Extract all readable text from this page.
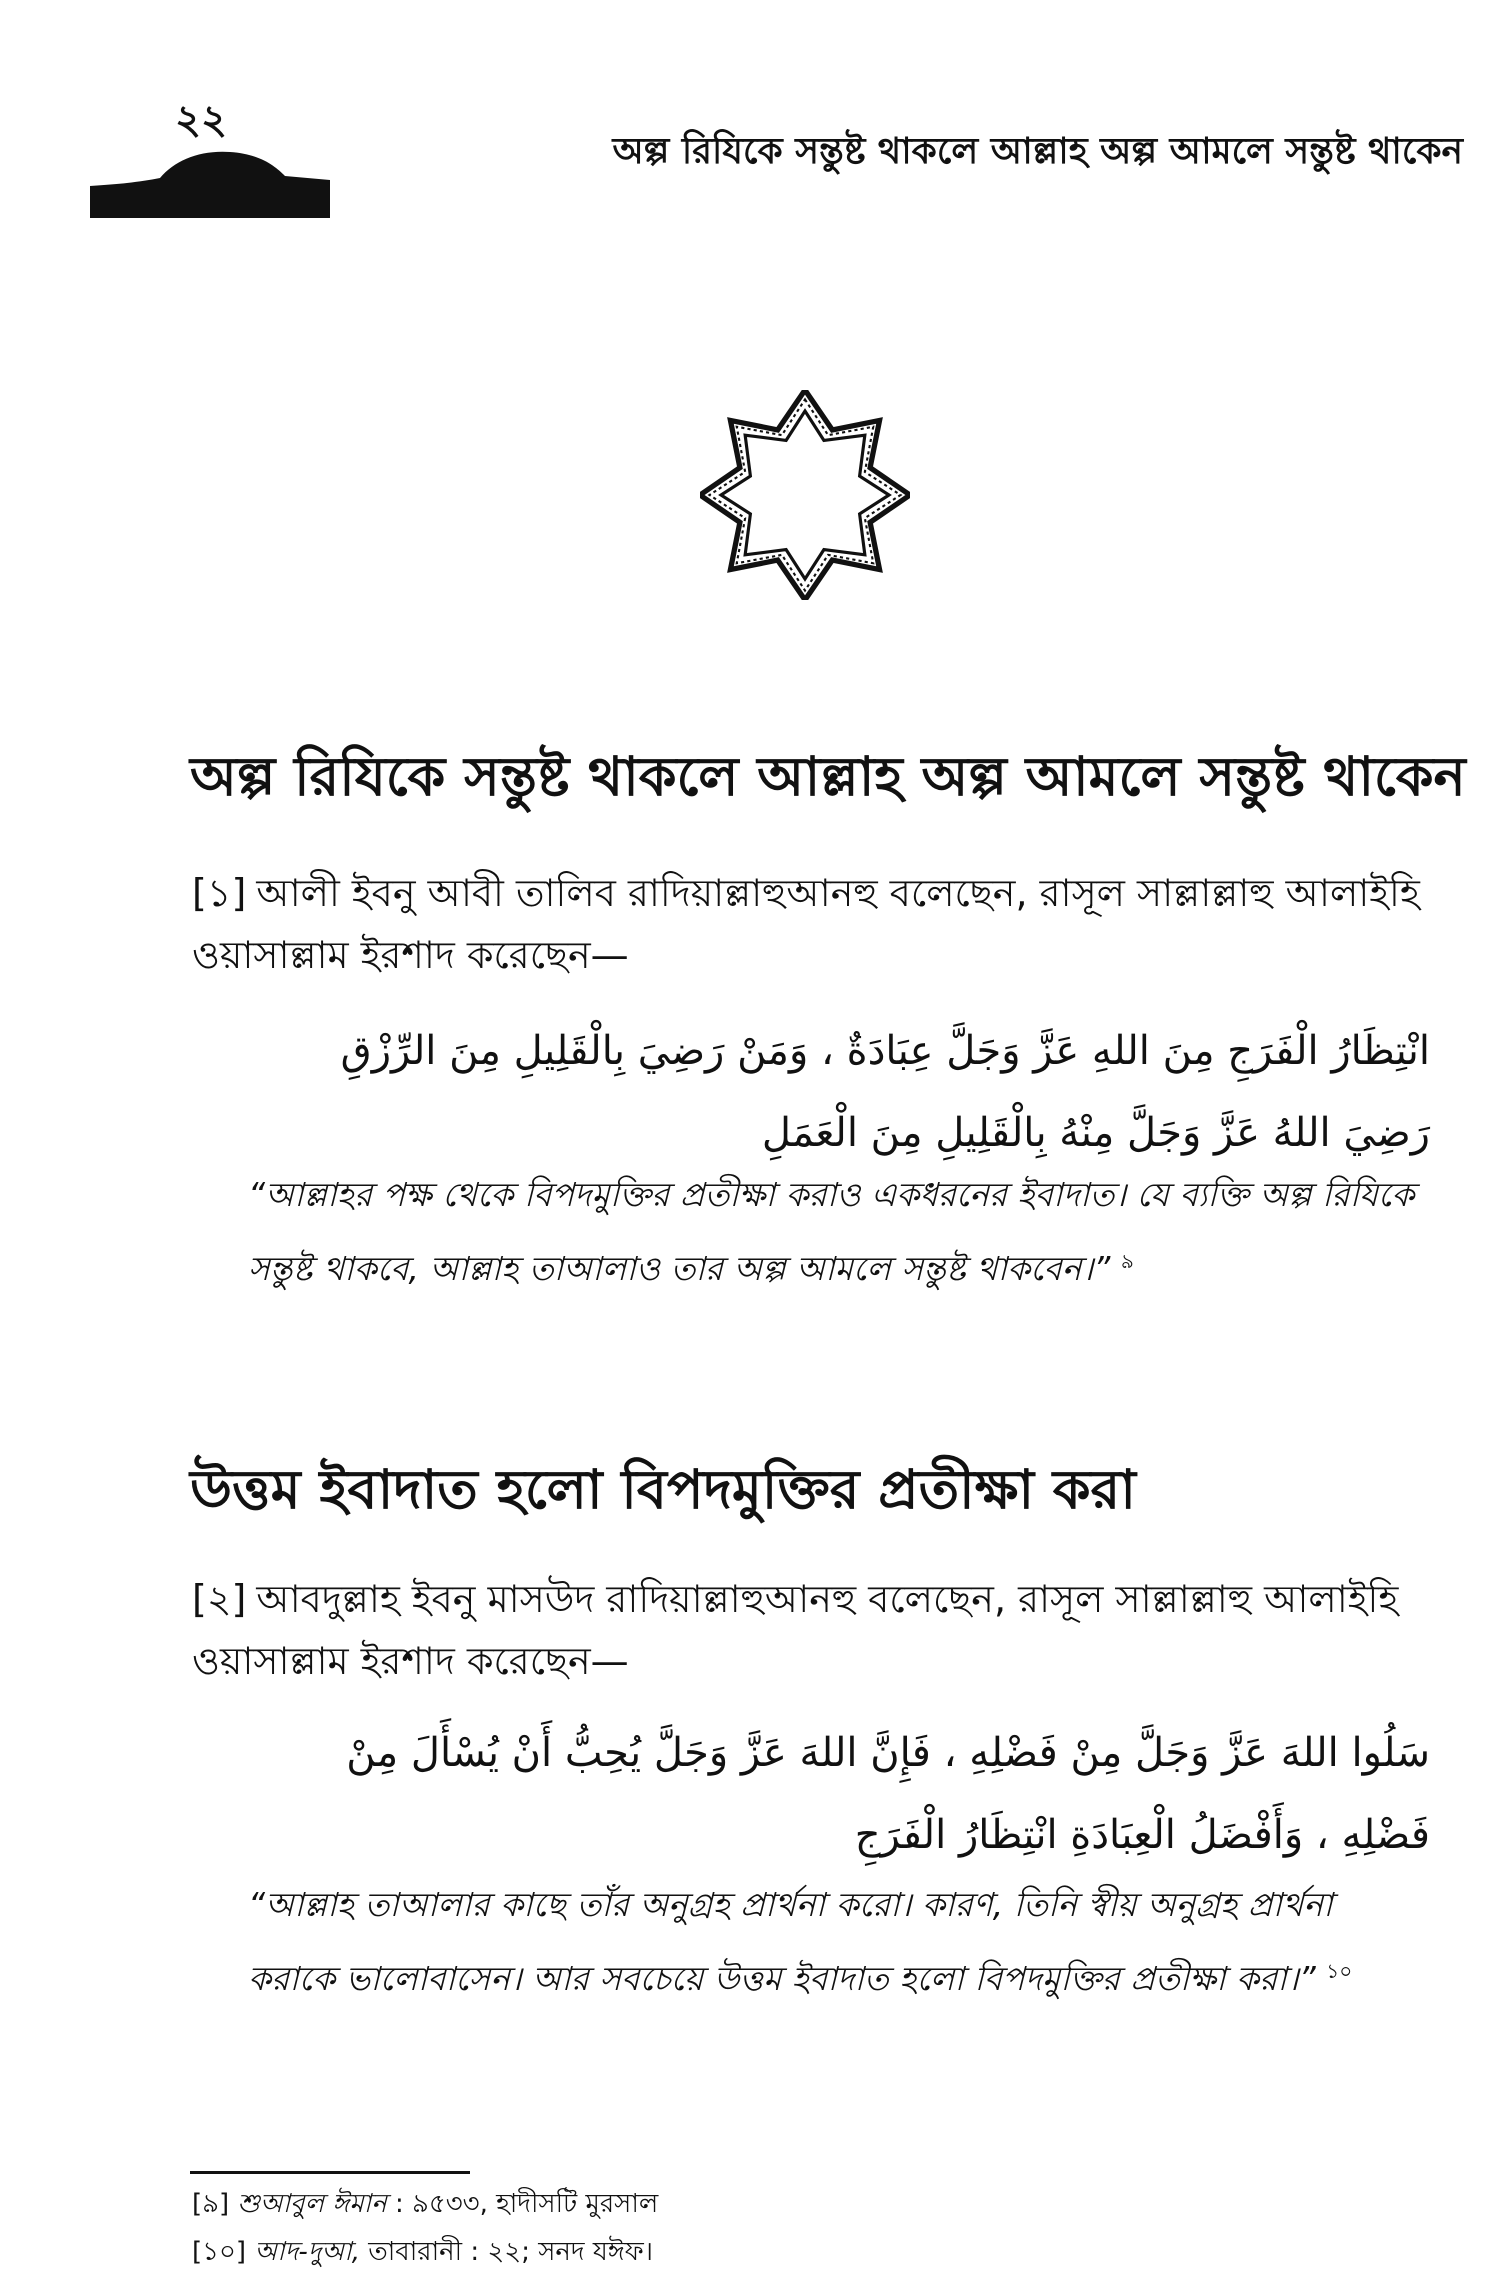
২২
অল্প রিযিকে সন্তুষ্ট থাকলে আল্লাহ অল্প আমলে সন্তুষ্ট থাকেন
অল্প রিযিকে সন্তুষ্ট থাকলে আল্লাহ অল্প আমলে সন্তুষ্ট থাকেন
[১] আলী ইবনু আবী তালিব রাদিয়াল্লাহুআনহু বলেছেন, রাসূল সাল্লাল্লাহু আলাইহি ওয়াসাল্লাম ইরশাদ করেছেন—
انْتِظَارُ الْفَرَجِ مِنَ اللهِ عَزَّ وَجَلَّ عِبَادَةٌ ، وَمَنْ رَضِيَ بِالْقَلِيلِ مِنَ الرِّزْقِ رَضِيَ اللهُ عَزَّ وَجَلَّ مِنْهُ بِالْقَلِيلِ مِنَ الْعَمَلِ
“আল্লাহর পক্ষ থেকে বিপদমুক্তির প্রতীক্ষা করাও একধরনের ইবাদাত। যে ব্যক্তি অল্প রিযিকে সন্তুষ্ট থাকবে, আল্লাহ তাআলাও তার অল্প আমলে সন্তুষ্ট থাকবেন।” $^৯$
উত্তম ইবাদাত হলো বিপদমুক্তির প্রতীক্ষা করা
[২] আবদুল্লাহ ইবনু মাসউদ রাদিয়াল্লাহুআনহু বলেছেন, রাসূল সাল্লাল্লাহু আলাইহি ওয়াসাল্লাম ইরশাদ করেছেন—
سَلُوا اللهَ عَزَّ وَجَلَّ مِنْ فَضْلِهِ ، فَإِنَّ اللهَ عَزَّ وَجَلَّ يُحِبُّ أَنْ يُسْأَلَ مِنْ فَضْلِهِ ، وَأَفْضَلُ الْعِبَادَةِ انْتِظَارُ الْفَرَجِ
“আল্লাহ তাআলার কাছে তাঁর অনুগ্রহ প্রার্থনা করো। কারণ, তিনি স্বীয় অনুগ্রহ প্রার্থনা করাকে ভালোবাসেন। আর সবচেয়ে উত্তম ইবাদাত হলো বিপদমুক্তির প্রতীক্ষা করা।” $^{১০}$
[৯] শুআবুল ঈমান : ৯৫৩৩, হাদীসটি মুরসাল
[১০] আদ-দুআ, তাবারানী : ২২; সনদ যঈফ।
